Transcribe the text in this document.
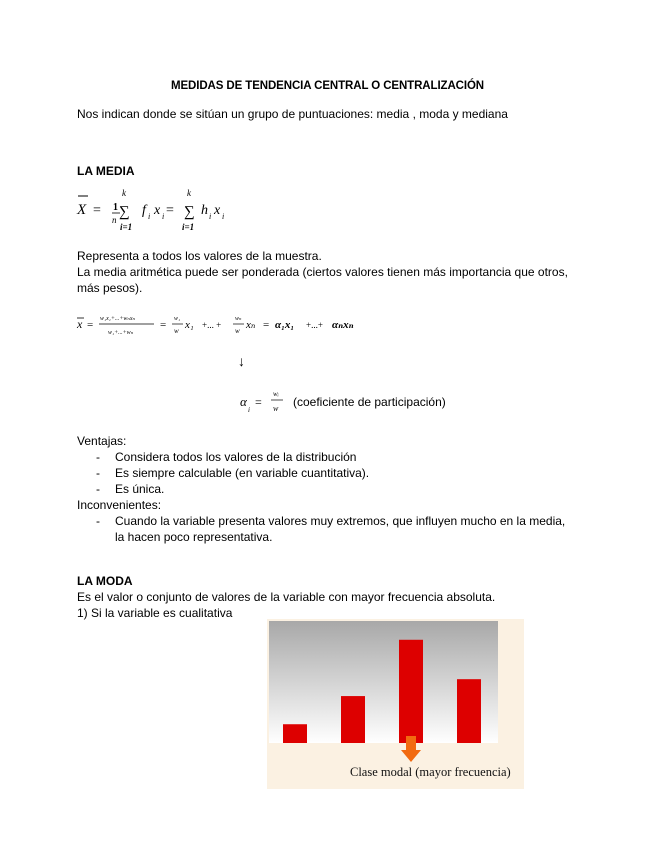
MEDIDAS DE TENDENCIA CENTRAL O CENTRALIZACIÓN
Nos indican donde se sitúan un grupo de puntuaciones: media , moda y mediana
LA MEDIA
X = 1
n
k
∑
i=1
f i x i =
k
∑
i=1
h i x i
Representa a todos los valores de la muestra.
La media aritmética puede ser ponderada (ciertos valores tienen más importancia que otros, más pesos).
x = w₁x₁+...+wₙxₙ
w₁+...+wₙ
= w₁
w x₁ +... +
wₙ
w xₙ = α₁x₁ +...+ αₙxₙ
↓
α
i
=
wᵢ
w (coeficiente de participación)
Ventajas:
- Considera todos los valores de la distribución
- Es siempre calculable (en variable cuantitativa).
- Es única.
Inconvenientes:
- Cuando la variable presenta valores muy extremos, que influyen mucho en la media, la hacen poco representativa.
LA MODA
Es el valor o conjunto de valores de la variable con mayor frecuencia absoluta.
1) Si la variable es cualitativa
Clase modal (mayor frecuencia)
